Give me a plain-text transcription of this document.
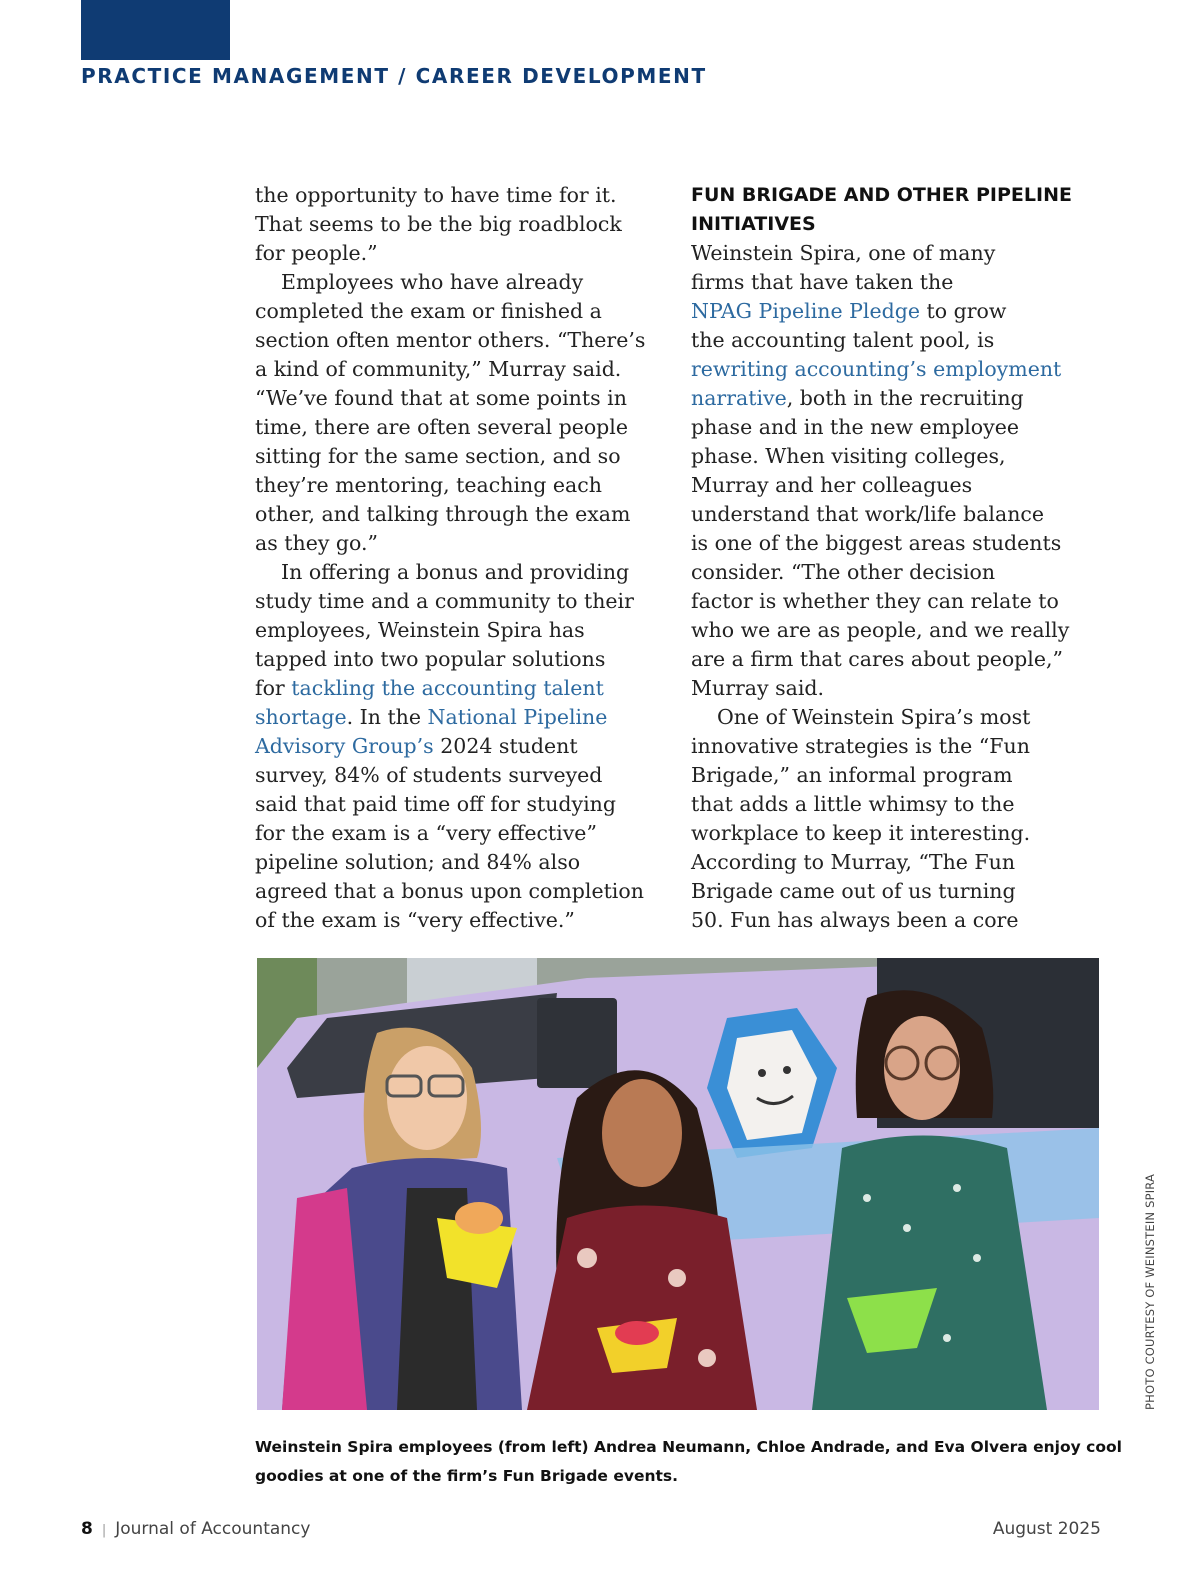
PRACTICE MANAGEMENT / CAREER DEVELOPMENT
the opportunity to have time for it.
That seems to be the big roadblock
for people.”
Employees who have already
completed the exam or finished a
section often mentor others. “There’s
a kind of community,” Murray said.
“We’ve found that at some points in
time, there are often several people
sitting for the same section, and so
they’re mentoring, teaching each
other, and talking through the exam
as they go.”
In offering a bonus and providing
study time and a community to their
employees, Weinstein Spira has
tapped into two popular solutions
for tackling the accounting talent
shortage. In the National Pipeline
Advisory Group’s 2024 student
survey, 84% of students surveyed
said that paid time off for studying
for the exam is a “very effective”
pipeline solution; and 84% also
agreed that a bonus upon completion
of the exam is “very effective.”
FUN BRIGADE AND OTHER PIPELINE
INITIATIVES
Weinstein Spira, one of many
firms that have taken the
NPAG Pipeline Pledge to grow
the accounting talent pool, is
rewriting accounting’s employment
narrative, both in the recruiting
phase and in the new employee
phase. When visiting colleges,
Murray and her colleagues
understand that work/life balance
is one of the biggest areas students
consider. “The other decision
factor is whether they can relate to
who we are as people, and we really
are a firm that cares about people,”
Murray said.
One of Weinstein Spira’s most
innovative strategies is the “Fun
Brigade,” an informal program
that adds a little whimsy to the
workplace to keep it interesting.
According to Murray, “The Fun
Brigade came out of us turning
50. Fun has always been a core
PHOTO COURTESY OF WEINSTEIN SPIRA
Weinstein Spira employees (from left) Andrea Neumann, Chloe Andrade, and Eva Olvera enjoy cool
goodies at one of the firm’s Fun Brigade events.
8 | Journal of Accountancy	August 2025
